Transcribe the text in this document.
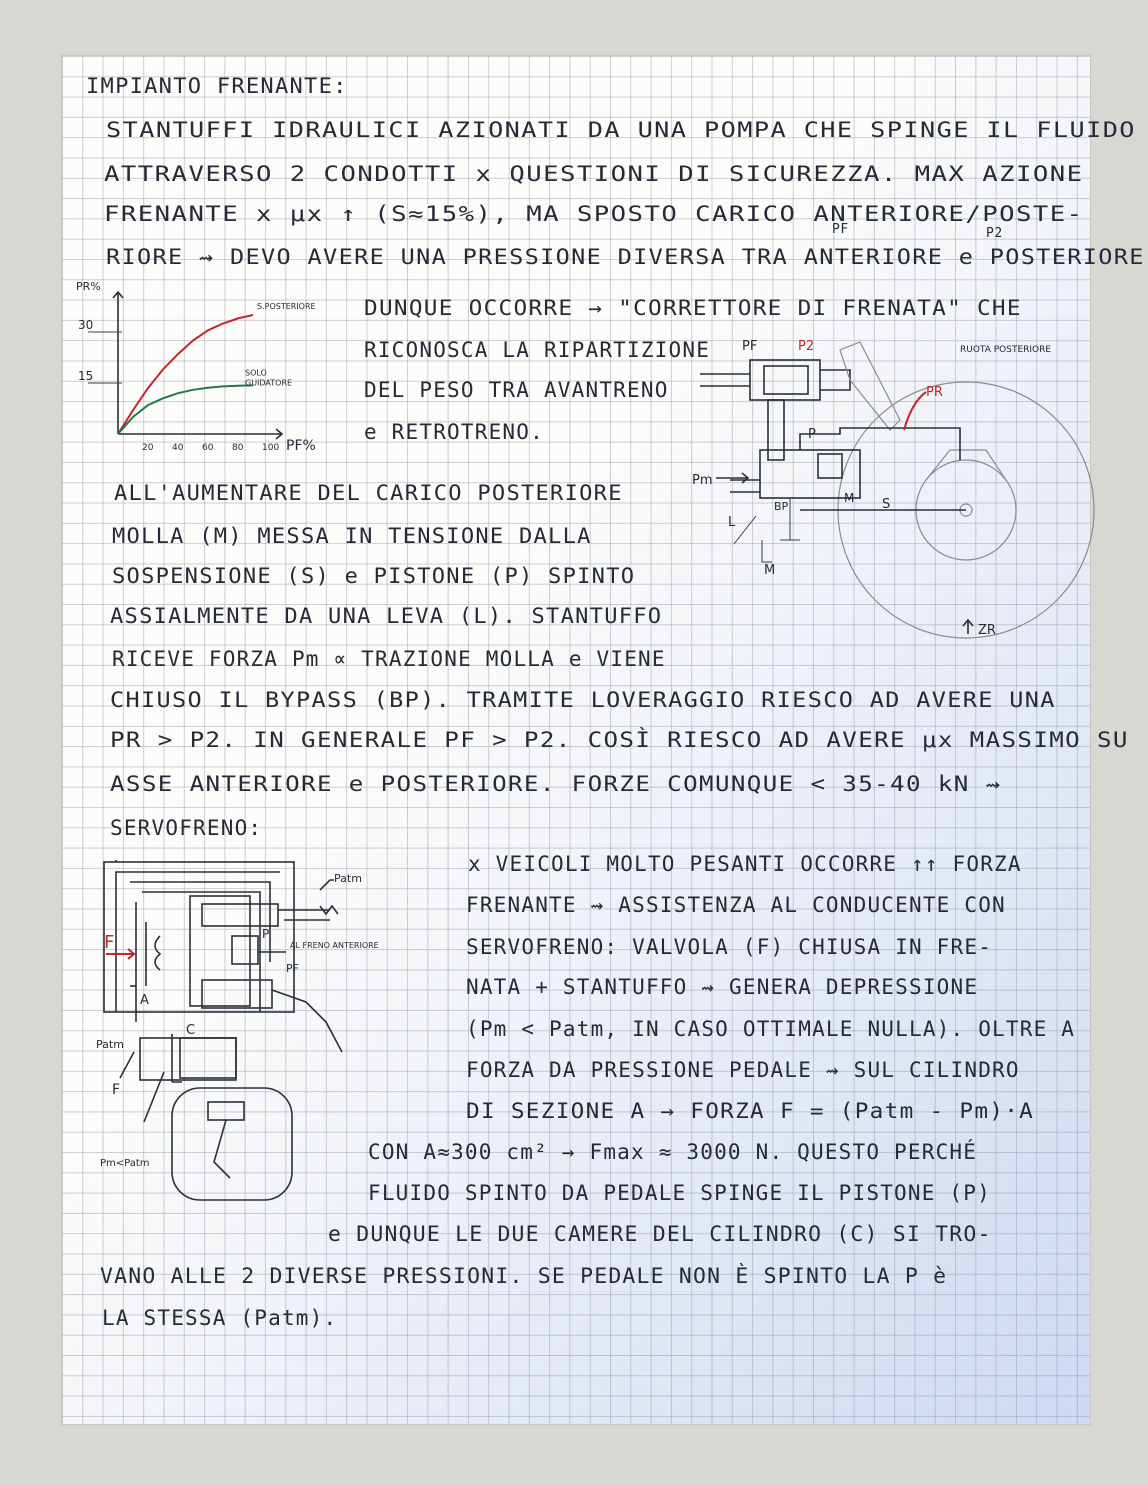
IMPIANTO FRENANTE:
STANTUFFI IDRAULICI AZIONATI DA UNA POMPA CHE SPINGE IL FLUIDO
ATTRAVERSO 2 CONDOTTI x QUESTIONI DI SICUREZZA. MAX AZIONE
PF	P2
FRENANTE x μx ↑ (S≈15%), MA SPOSTO CARICO ANTERIORE/POSTE-
RIORE ⇝ DEVO AVERE UNA PRESSIONE DIVERSA TRA ANTERIORE e POSTERIORE
DUNQUE OCCORRE → "CORRETTORE DI FRENATA" CHE
RICONOSCA LA RIPARTIZIONE
DEL PESO TRA AVANTRENO
e RETROTRENO.
20 40 60 80 100
15
30
PR%
PF%
S.POSTERIORE
SOLO
GUIDATORE
ALL'AUMENTARE DEL CARICO POSTERIORE
MOLLA (M) MESSA IN TENSIONE DALLA
SOSPENSIONE (S) e PISTONE (P) SPINTO
ASSIALMENTE DA UNA LEVA (L). STANTUFFO
RICEVE FORZA Pm ∝ TRAZIONE MOLLA e VIENE
CHIUSO IL BYPASS (BP). TRAMITE LOVERAGGIO RIESCO AD AVERE UNA
PR > P2. IN GENERALE PF > P2. COSÌ RIESCO AD AVERE μx MASSIMO SU
ASSE ANTERIORE e POSTERIORE. FORZE COMUNQUE < 35-40 kN ⇝
SERVOFRENO:
x VEICOLI MOLTO PESANTI OCCORRE ↑↑ FORZA
FRENANTE ⇝ ASSISTENZA AL CONDUCENTE CON
SERVOFRENO: VALVOLA (F) CHIUSA IN FRE-
NATA + STANTUFFO ⇝ GENERA DEPRESSIONE
(Pm < Patm, IN CASO OTTIMALE NULLA). OLTRE A
FORZA DA PRESSIONE PEDALE ⇝ SUL CILINDRO
DI SEZIONE A → FORZA F = (Patm - Pm)·A
CON A≈300 cm² → Fmax ≈ 3000 N. QUESTO PERCHÉ
FLUIDO SPINTO DA PEDALE SPINGE IL PISTONE (P)
e DUNQUE LE DUE CAMERE DEL CILINDRO (C) SI TRO-
VANO ALLE 2 DIVERSE PRESSIONI. SE PEDALE NON È SPINTO LA P è
LA STESSA (Patm).
PF	P2	RUOTA POSTERIORE
PR
P
Pm
BP
M S
L
M
ZR
Patm
P
AL FRENO ANTERIORE
PF
F
A
C
Patm
F
Pm<Patm
